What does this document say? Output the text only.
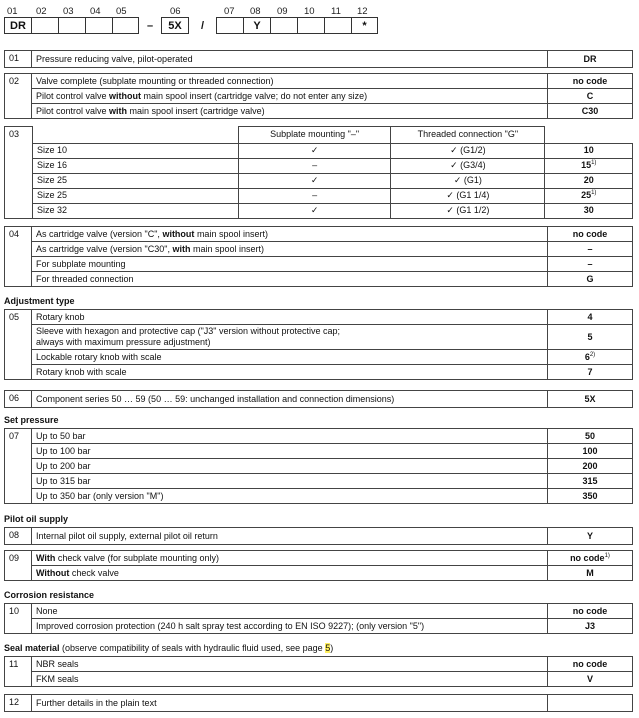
01 02 03 04 05	06	07 08 09 10 11 12
DR	–	5X	/	Y	*
01	Pressure reducing valve, pilot-operated	DR
02	Valve complete (subplate mounting or threaded connection)	no code
	Pilot control valve without main spool insert (cartridge valve; do not enter any size)	C
	Pilot control valve with main spool insert (cartridge valve)	C30
03		Subplate mounting "–"	Threaded connection "G"	
	Size 10	✓	✓ (G1/2)	10
	Size 16	–	✓ (G3/4)	15$^{1)}$
	Size 25	✓	✓ (G1)	20
	Size 25	–	✓ (G1 1/4)	25$^{1)}$
	Size 32	✓	✓ (G1 1/2)	30
04	As cartridge valve (version "C", without main spool insert)	no code
	As cartridge valve (version "C30", with main spool insert)	–
	For subplate mounting	–
	For threaded connection	G
Adjustment type
05	Rotary knob	4
	Sleeve with hexagon and protective cap ("J3" version without protective cap; always with maximum pressure adjustment)	5
	Lockable rotary knob with scale	6$^{2)}$
	Rotary knob with scale	7
06	Component series 50 … 59 (50 … 59: unchanged installation and connection dimensions)	5X
Set pressure
07	Up to 50 bar	50
	Up to 100 bar	100
	Up to 200 bar	200
	Up to 315 bar	315
	Up to 350 bar (only version "M")	350
Pilot oil supply
08	Internal pilot oil supply, external pilot oil return	Y
09	With check valve (for subplate mounting only)	no code$^{1)}$
	Without check valve	M
Corrosion resistance
10	None	no code
	Improved corrosion protection (240 h salt spray test according to EN ISO 9227); (only version "5")	J3
Seal material (observe compatibility of seals with hydraulic fluid used, see page 5)
11	NBR seals	no code
	FKM seals	V
12	Further details in the plain text	
